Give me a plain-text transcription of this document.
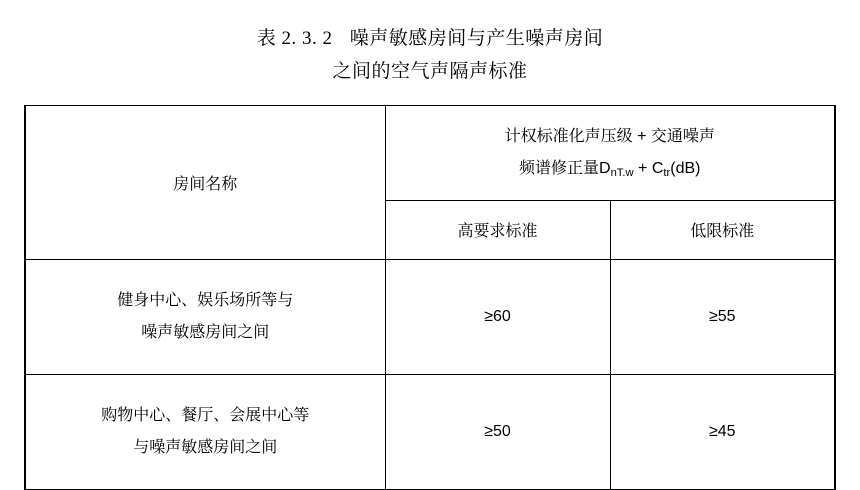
表 2. 3. 2 噪声敏感房间与产生噪声房间
之间的空气声隔声标准
房间名称	计权标准化声压级 + 交通噪声
频谱修正量$D_{nT.w} + C_{tr}(dB)$	

	高要求标准	低限标准

健身中心、娱乐场所等与
噪声敏感房间之间	≥60	≥55

购物中心、餐厅、会展中心等
与噪声敏感房间之间	≥50	≥45
